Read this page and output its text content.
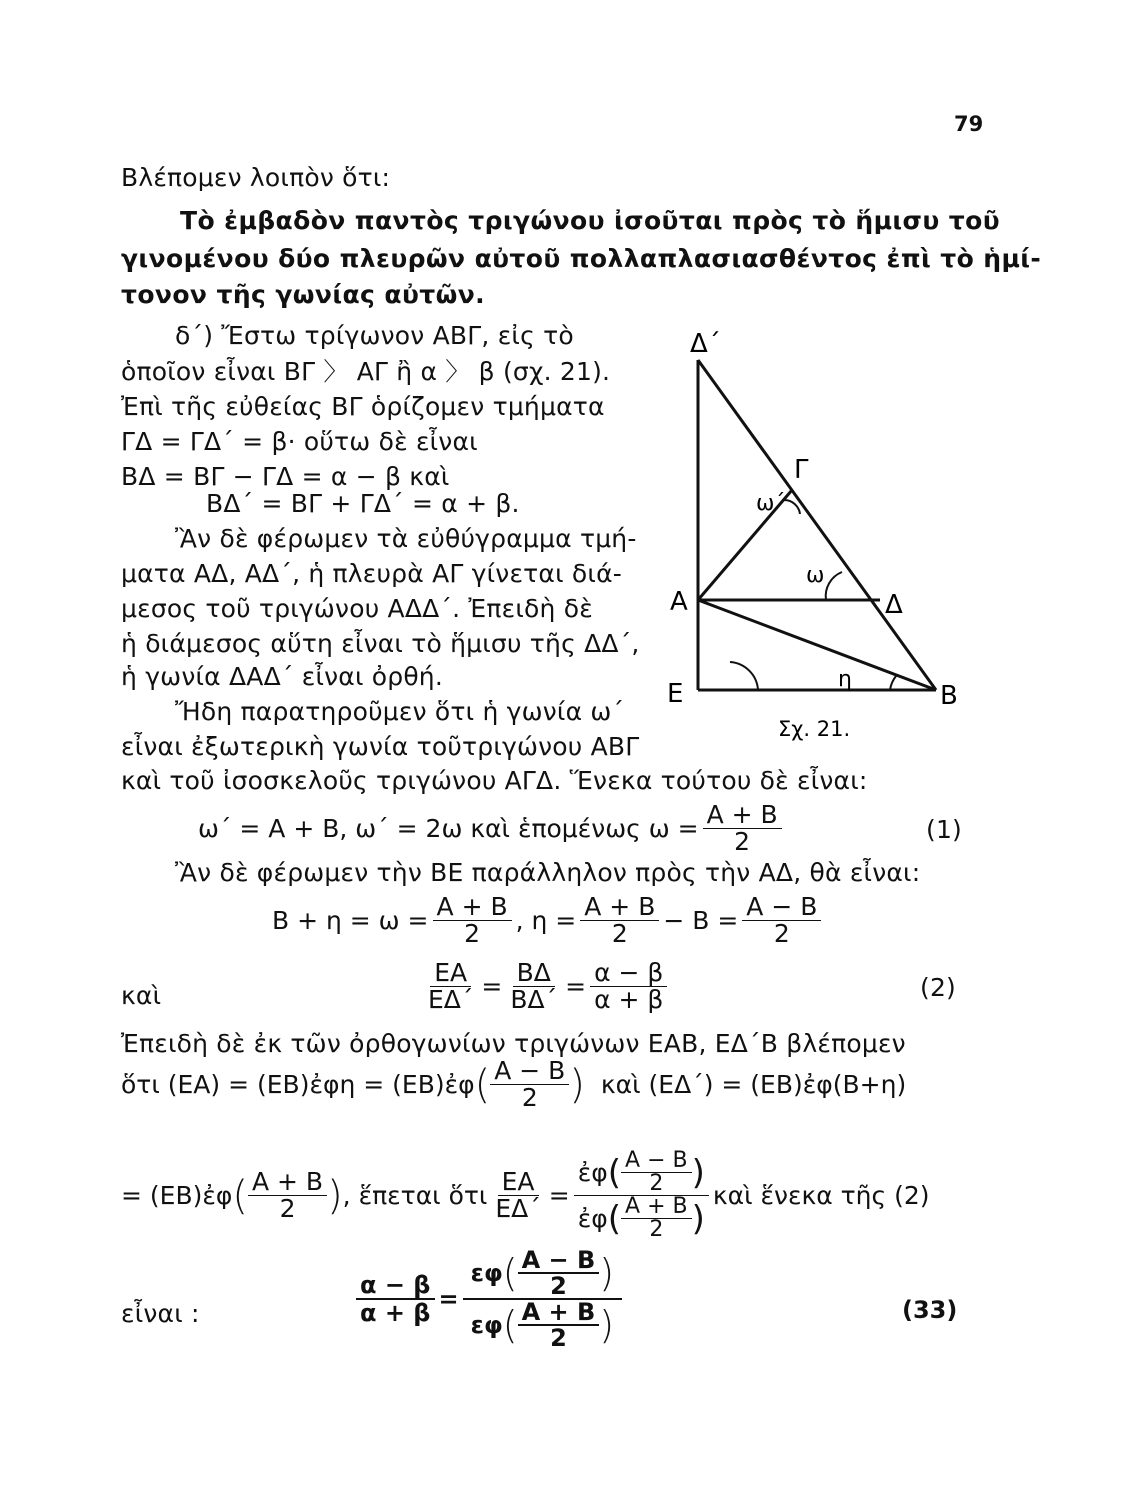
79
Βλέπομεν λοιπὸν ὅτι:
Τὸ ἐμβαδὸν παντὸς τριγώνου ἰσοῦται πρὸς τὸ ἥμισυ τοῦ
γινομένου δύο πλευρῶν αὐτοῦ πολλαπλασιασθέντος ἐπὶ τὸ ἡμί-
τονον τῆς γωνίας αὐτῶν.
δ΄) Ἔστω τρίγωνον ΑΒΓ, εἰς τὸ
ὁποῖον εἶναι ΒΓ 〉 ΑΓ ἢ α 〉 β (σχ. 21).
Ἐπὶ τῆς εὐθείας ΒΓ ὁρίζομεν τμήματα
ΓΔ = ΓΔ΄ = β· οὕτω δὲ εἶναι
ΒΔ = ΒΓ − ΓΔ = α − β καὶ
ΒΔ΄ = ΒΓ + ΓΔ΄ = α + β.
Ἂν δὲ φέρωμεν τὰ εὐθύγραμμα τμή-
ματα ΑΔ, ΑΔ΄, ἡ πλευρὰ ΑΓ γίνεται διά-
μεσος τοῦ τριγώνου ΑΔΔ΄. Ἐπειδὴ δὲ
ἡ διάμεσος αὕτη εἶναι τὸ ἥμισυ τῆς ΔΔ΄,
ἡ γωνία ΔΑΔ΄ εἶναι ὀρθή.
Ἤδη παρατηροῦμεν ὅτι ἡ γωνία ω΄
εἶναι ἐξωτερικὴ γωνία τοῦτριγώνου ΑΒΓ
καὶ τοῦ ἰσοσκελοῦς τριγώνου ΑΓΔ. Ἕνεκα τούτου δὲ εἶναι:
Δ΄
Γ
ω΄
ω
Α	Δ
η
Ε	Β
Σχ. 21.
ω΄ = Α + Β, ω΄ = 2ω καὶ ἑπομένως $\omega = \frac{A + B}{2}$	(1)
Ἂν δὲ φέρωμεν τὴν ΒΕ παράλληλον πρὸς τὴν ΑΔ, θὰ εἶναι:
$B + \eta = \omega = \frac{A + B}{2}$ , $\eta = \frac{A + B}{2} - B = \frac{A - B}{2}$
καὶ	$\frac{EA}{E\Delta΄} = \frac{B\Delta}{B\Delta΄} = \frac{\alpha - \beta}{\alpha + \beta}$	(2)
Ἐπειδὴ δὲ ἐκ τῶν ὀρθογωνίων τριγώνων ΕΑΒ, ΕΔ΄Β βλέπομεν
ὅτι (ΕΑ) = (ΕΒ)ἐφη = (ΕΒ)ἐφ ( $\frac{A - B}{2}$ ) καὶ (ΕΔ΄) = (ΕΒ)ἐφ(Β+η)
= (ΕΒ)ἐφ ( $\frac{A + B}{2}$ ) , ἕπεται ὅτι $\frac{EA}{E\Delta΄} = \frac{ἐ\varphi ( \frac{A - B}{2} )}{ἐ\varphi ( \frac{A + B}{2} )}$ καὶ ἕνεκα τῆς (2)
εἶναι :	$\frac{\alpha - \beta}{\alpha + \beta} = \frac{\varepsilon\varphi ( \frac{A - B}{2} )}{\varepsilon\varphi ( \frac{A + B}{2} )}$	(33)
